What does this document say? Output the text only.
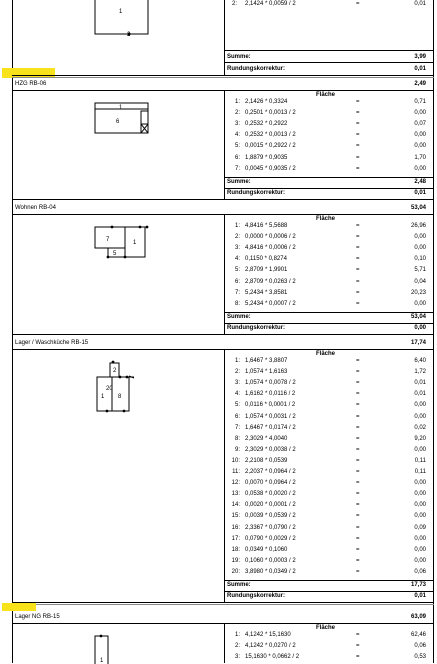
2: 2,1424 * 0,0059 / 2	=	0,01
Summe:	3,99
Rundungskorrektur:	0,01
1
2
HZG RB-06	2,49
Fläche
1: 2,1426 * 0,3324	=	0,71
2: 0,2501 * 0,0013 / 2	=	0,00
3: 0,2532 * 0,2922	=	0,07
4: 0,2532 * 0,0013 / 2	=	0,00
5: 0,0015 * 0,2922 / 2	=	0,00
6: 1,8879 * 0,9035	=	1,70
7: 0,0045 * 0,9035 / 2	=	0,00
Summe:	2,48
Rundungskorrektur:	0,01
Wohnen RB-04	53,04
Fläche
1: 4,8416 * 5,5688	=	26,96
2: 0,0000 * 0,0006 / 2	=	0,00
3: 4,8416 * 0,0006 / 2	=	0,00
4: 0,1150 * 0,8274	=	0,10
5: 2,8709 * 1,9901	=	5,71
6: 2,8709 * 0,0263 / 2	=	0,04
7: 5,2434 * 3,8581	=	20,23
8: 5,2434 * 0,0007 / 2	=	0,00
Summe:	53,04
Rundungskorrektur:	0,00
Lager / Waschküche RB-15	17,74
Fläche
1: 1,6467 * 3,8807	=	6,40
2: 1,0574 * 1,6163	=	1,72
3: 1,0574 * 0,0078 / 2	=	0,01
4: 1,6162 * 0,0116 / 2	=	0,01
5: 0,0116 * 0,0001 / 2	=	0,00
6: 1,0574 * 0,0031 / 2	=	0,00
7: 1,6467 * 0,0174 / 2	=	0,02
8: 2,3029 * 4,0040	=	9,20
9: 2,3029 * 0,0038 / 2	=	0,00
10: 2,2108 * 0,0539	=	0,11
11: 2,2037 * 0,0964 / 2	=	0,11
12: 0,0070 * 0,0964 / 2	=	0,00
13: 0,0538 * 0,0020 / 2	=	0,00
14: 0,0020 * 0,0001 / 2	=	0,00
15: 0,0039 * 0,0539 / 2	=	0,00
16: 2,3367 * 0,0790 / 2	=	0,09
17: 0,0790 * 0,0029 / 2	=	0,00
18: 0,0349 * 0,1060	=	0,00
19: 0,1060 * 0,0003 / 2	=	0,00
20: 3,8980 * 0,0349 / 2	=	0,06
Summe:	17,73
Rundungskorrektur:	0,01
Lager NG RB-15	63,09
Fläche
1: 4,1242 * 15,1630	=	62,46
2: 4,1242 * 0,0270 / 2	=	0,06
3: 15,1630 * 0,0662 / 2	=	0,53
1
6
7	1
5
2
20
1 8
1
